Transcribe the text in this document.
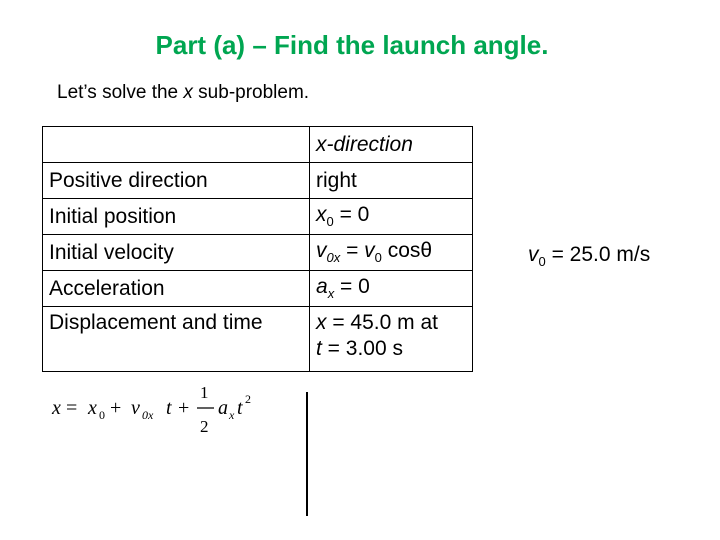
Part (a) – Find the launch angle.
Let’s solve the x sub-problem.
	x-direction
Positive direction	right
Initial position	$x_0 = 0$
Initial velocity	$v_{0x} = v_0$ cosθ
Acceleration	$a_x = 0$
Displacement and time	x = 45.0 m at
t = 3.00 s
$v_0 = 25.0$ m/s
x = x 0 + v 0x t +
1
2
a x t 2
